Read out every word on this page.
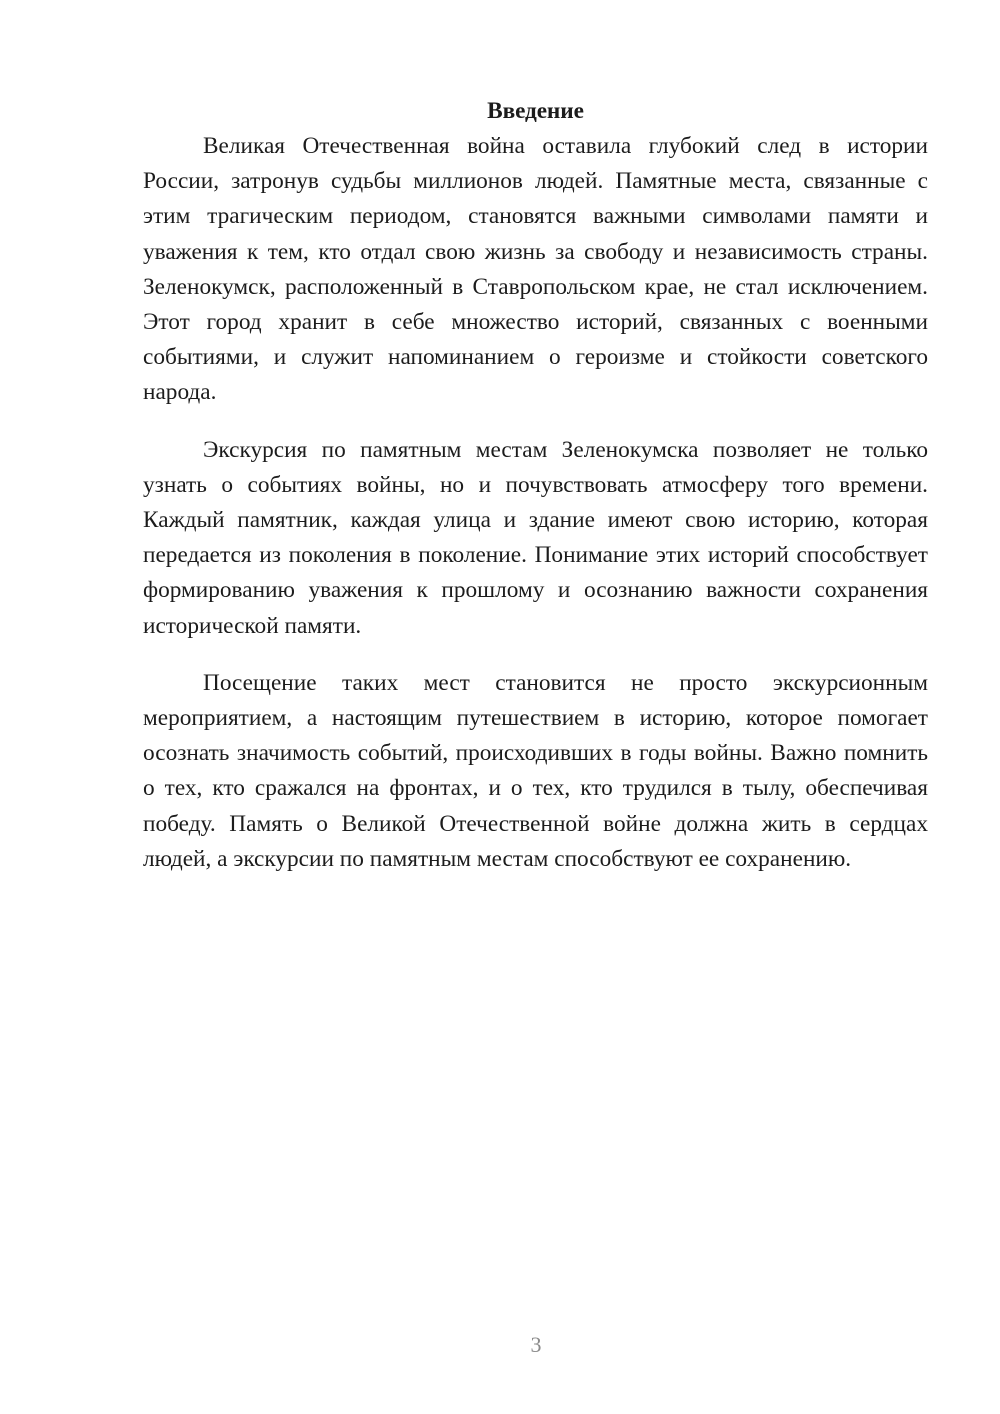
Введение

Великая Отечественная война оставила глубокий след в истории России, затронув судьбы миллионов людей. Памятные места, связанные с этим трагическим периодом, становятся важными символами памяти и уважения к тем, кто отдал свою жизнь за свободу и независимость страны. Зеленокумск, расположенный в Ставропольском крае, не стал исключением. Этот город хранит в себе множество историй, связанных с военными событиями, и служит напоминанием о героизме и стойкости советского народа.

Экскурсия по памятным местам Зеленокумска позволяет не только узнать о событиях войны, но и почувствовать атмосферу того времени. Каждый памятник, каждая улица и здание имеют свою историю, которая передается из поколения в поколение. Понимание этих историй способствует формированию уважения к прошлому и осознанию важности сохранения исторической памяти.

Посещение таких мест становится не просто экскурсионным мероприятием, а настоящим путешествием в историю, которое помогает осознать значимость событий, происходивших в годы войны. Важно помнить о тех, кто сражался на фронтах, и о тех, кто трудился в тылу, обеспечивая победу. Память о Великой Отечественной войне должна жить в сердцах людей, а экскурсии по памятным местам способствуют ее сохранению.

3
